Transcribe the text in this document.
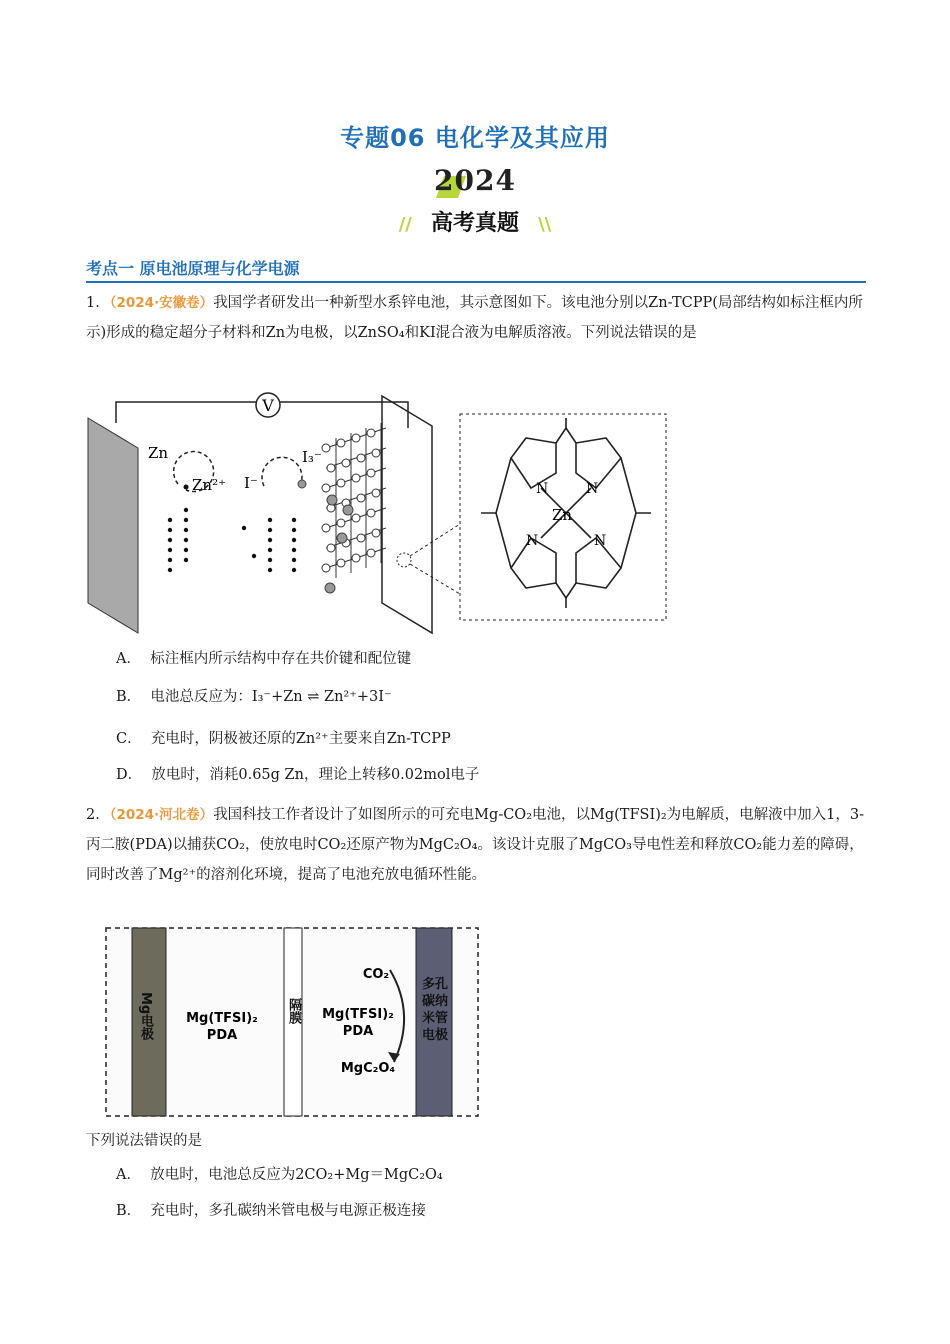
专题06 电化学及其应用
2024
// 高考真题 \\
考点一 原电池原理与化学电源
1．（2024·安徽卷）我国学者研发出一种新型水系锌电池，其示意图如下。该电池分别以Zn-TCPP(局部结构如标注框内所示)形成的稳定超分子材料和Zn为电极，以ZnSO₄和KI混合液为电解质溶液。下列说法错误的是
V
Zn
Zn²⁺ I⁻
I₃⁻
N	N
N	N
Zn
A． 标注框内所示结构中存在共价键和配位键
B． 电池总反应为：I₃⁻+Zn ⇌ Zn²⁺+3I⁻
C． 充电时，阴极被还原的Zn²⁺主要来自Zn-TCPP
D． 放电时，消耗0.65g Zn，理论上转移0.02mol电子
2．（2024·河北卷）我国科技工作者设计了如图所示的可充电Mg-CO₂电池，以Mg(TFSI)₂为电解质，电解液中加入1，3-丙二胺(PDA)以捕获CO₂，使放电时CO₂还原产物为MgC₂O₄。该设计克服了MgCO₃导电性差和释放CO₂能力差的障碍，同时改善了Mg²⁺的溶剂化环境，提高了电池充放电循环性能。
Mg电极	Mg(TFSI)₂
PDA
隔膜 Mg(TFSI)₂
PDA
CO₂
MgC₂O₄
多孔碳纳米管电极
下列说法错误的是
A． 放电时，电池总反应为2CO₂+Mg＝MgC₂O₄
B． 充电时，多孔碳纳米管电极与电源正极连接
